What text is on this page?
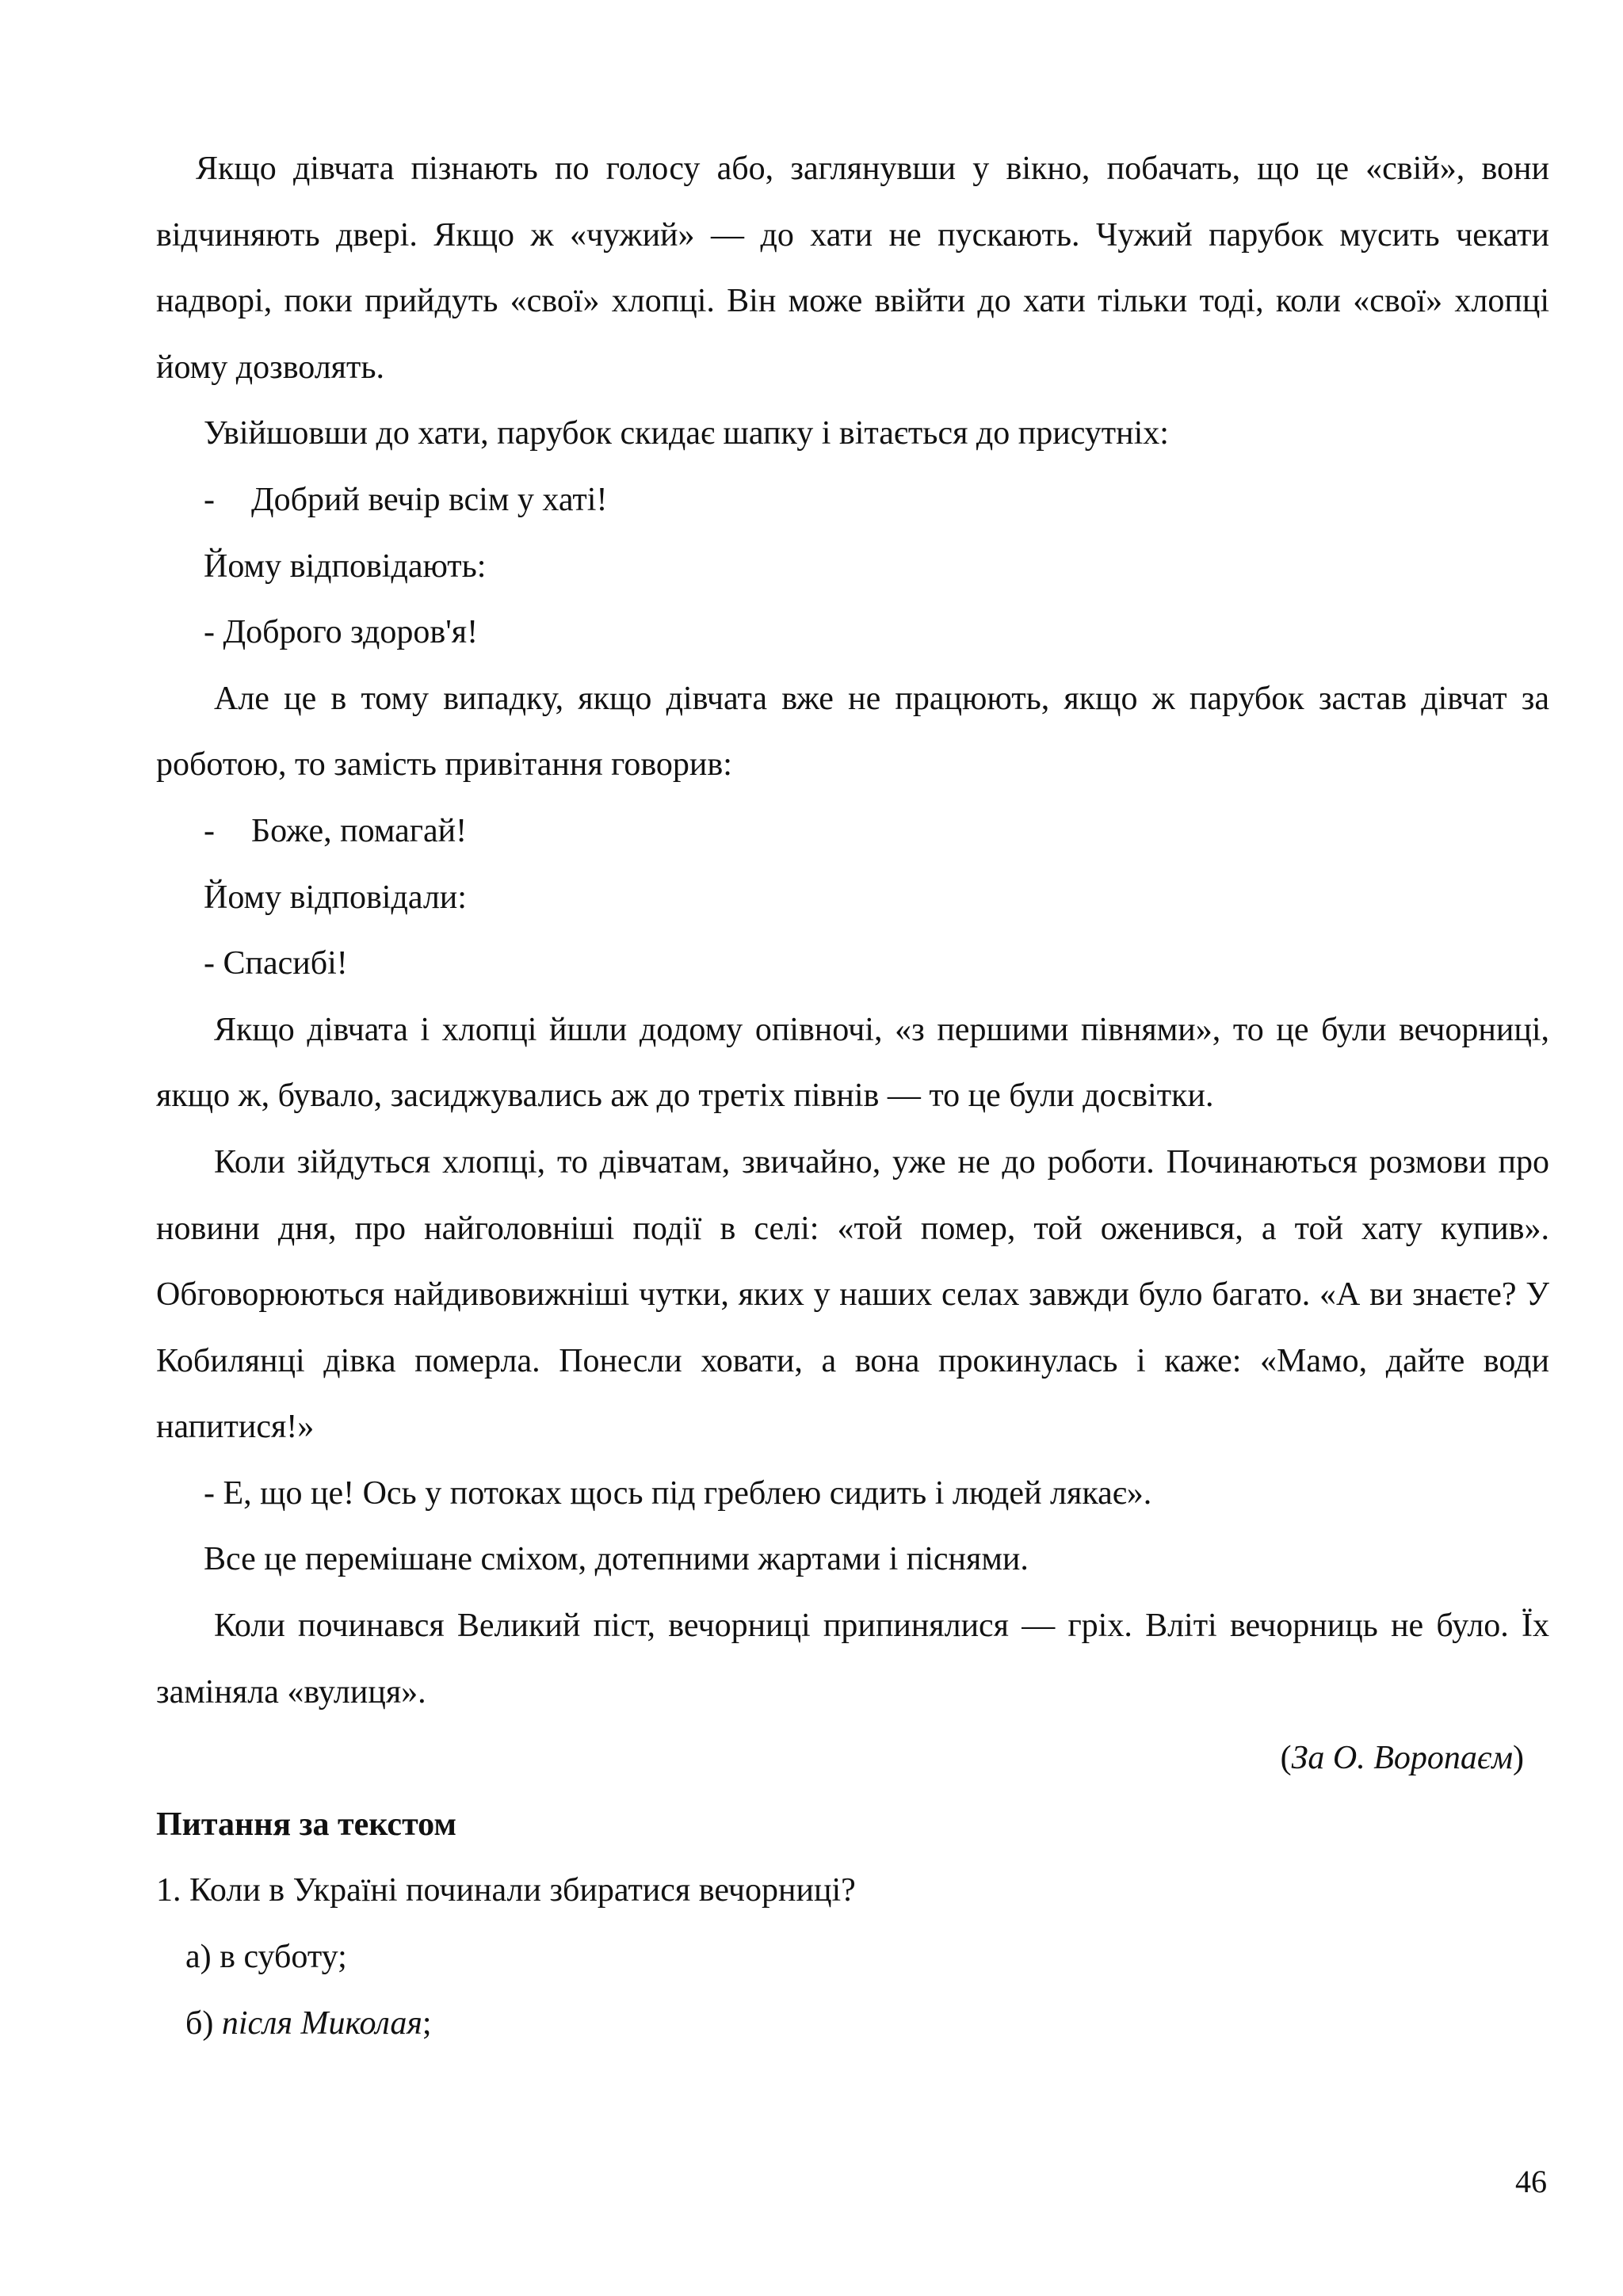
Якщо дівчата пізнають по голосу або, заглянувши у вікно, побачать, що це «свій», вони відчиняють двері. Якщо ж «чужий» — до хати не пускають. Чужий парубок мусить чекати надворі, поки прийдуть «свої» хлопці. Він може ввійти до хати тільки тоді, коли «свої» хлопці йому дозволять.

Увійшовши до хати, парубок скидає шапку і вітається до присутніх:

-	Добрий вечір всім у хаті!

Йому відповідають:

- Доброго здоров'я!

Але це в тому випадку, якщо дівчата вже не працюють, якщо ж парубок застав дівчат за роботою, то замість привітання говорив:

-	Боже, помагай!

Йому відповідали:

- Спасибі!

Якщо дівчата і хлопці йшли додому опівночі, «з першими півнями», то це були вечорниці, якщо ж, бувало, засиджувались аж до третіх півнів — то це були досвітки.

Коли зійдуться хлопці, то дівчатам, звичайно, уже не до роботи. Починаються розмови про новини дня, про найголовніші події в селі: «той помер, той оженився, а той хату купив». Обговорюються найдивовижніші чутки, яких у наших селах завжди було багато. «А ви знаєте? У Кобилянці дівка померла. Понесли ховати, а вона прокинулась і каже: «Мамо, дайте води напитися!»

- Е, що це! Ось у потоках щось під греблею сидить і людей лякає».

Все це перемішане сміхом, дотепними жартами і піснями.

Коли починався Великий піст, вечорниці припинялися — гріх. Вліті вечорниць не було. Їх заміняла «вулиця».

(За О. Воропаєм)

Питання за текстом

1. Коли в Україні починали збиратися вечорниці?

а) в суботу;

б) після Миколая;

46
